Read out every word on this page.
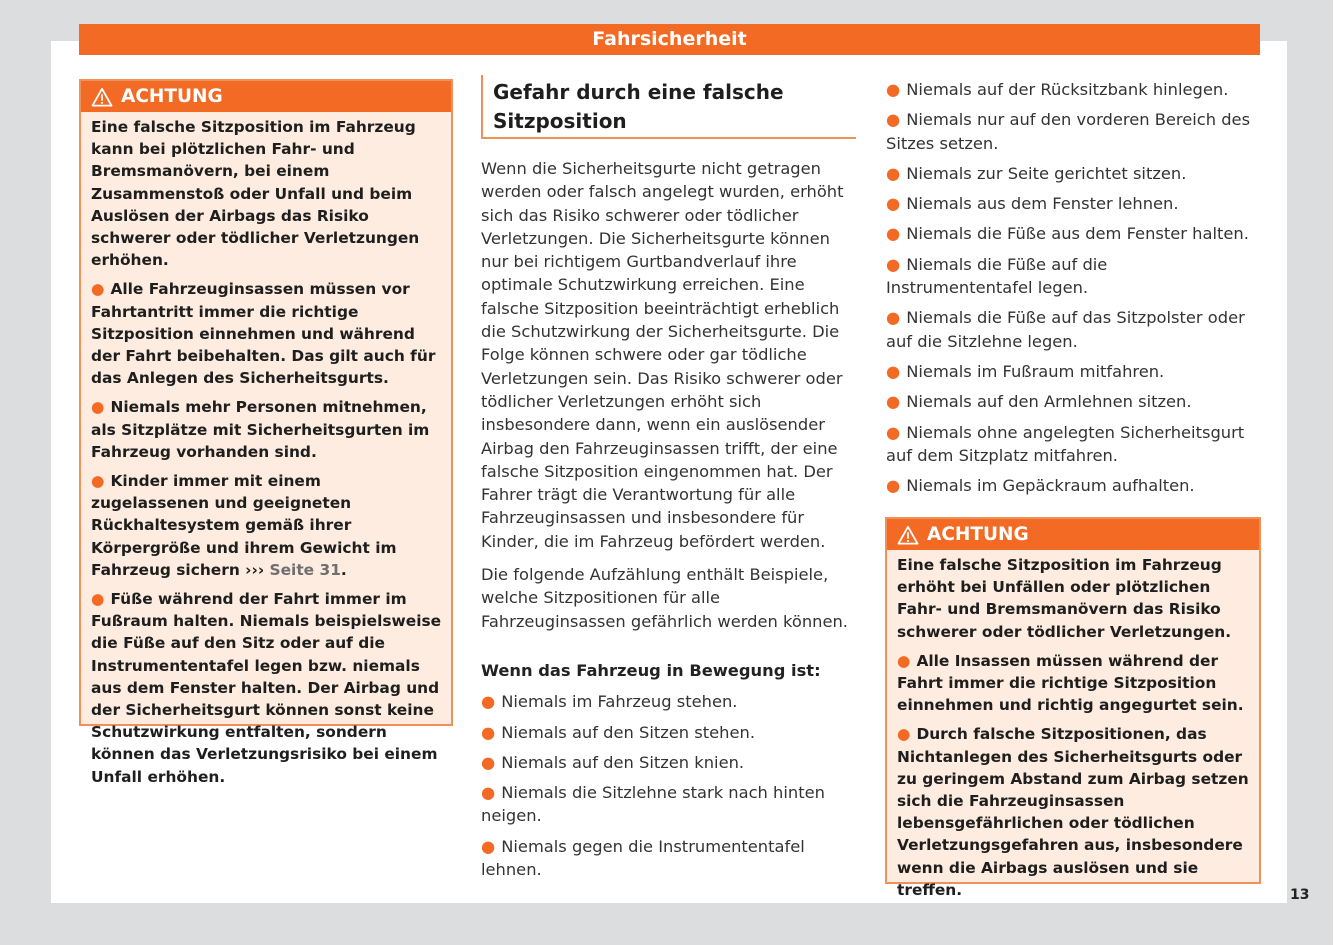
Fahrsicherheit
ACHTUNG

Eine falsche Sitzposition im Fahrzeug kann bei plötzlichen Fahr- und Bremsmanövern, bei einem Zusammenstoß oder Unfall und beim Auslösen der Airbags das Risiko schwerer oder tödlicher Verletzungen erhöhen.

● Alle Fahrzeuginsassen müssen vor Fahrtantritt immer die richtige Sitzposition einnehmen und während der Fahrt beibehalten. Das gilt auch für das Anlegen des Sicherheitsgurts.

● Niemals mehr Personen mitnehmen, als Sitzplätze mit Sicherheitsgurten im Fahrzeug vorhanden sind.

● Kinder immer mit einem zugelassenen und geeigneten Rückhaltesystem gemäß ihrer Körpergröße und ihrem Gewicht im Fahrzeug sichern ››› Seite 31.

● Füße während der Fahrt immer im Fußraum halten. Niemals beispielsweise die Füße auf den Sitz oder auf die Instrumententafel legen bzw. niemals aus dem Fenster halten. Der Airbag und der Sicherheitsgurt können sonst keine Schutzwirkung entfalten, sondern können das Verletzungsrisiko bei einem Unfall erhöhen.

Gefahr durch eine falsche Sitzposition

Wenn die Sicherheitsgurte nicht getragen werden oder falsch angelegt wurden, erhöht sich das Risiko schwerer oder tödlicher Verletzungen. Die Sicherheitsgurte können nur bei richtigem Gurtbandverlauf ihre optimale Schutzwirkung erreichen. Eine falsche Sitzposition beeinträchtigt erheblich die Schutzwirkung der Sicherheitsgurte. Die Folge können schwere oder gar tödliche Verletzungen sein. Das Risiko schwerer oder tödlicher Verletzungen erhöht sich insbesondere dann, wenn ein auslösender Airbag den Fahrzeuginsassen trifft, der eine falsche Sitzposition eingenommen hat. Der Fahrer trägt die Verantwortung für alle Fahrzeuginsassen und insbesondere für Kinder, die im Fahrzeug befördert werden.

Die folgende Aufzählung enthält Beispiele, welche Sitzpositionen für alle Fahrzeuginsassen gefährlich werden können.

Wenn das Fahrzeug in Bewegung ist:

● Niemals im Fahrzeug stehen.
● Niemals auf den Sitzen stehen.
● Niemals auf den Sitzen knien.
● Niemals die Sitzlehne stark nach hinten neigen.
● Niemals gegen die Instrumententafel lehnen.
● Niemals auf der Rücksitzbank hinlegen.
● Niemals nur auf den vorderen Bereich des Sitzes setzen.
● Niemals zur Seite gerichtet sitzen.
● Niemals aus dem Fenster lehnen.
● Niemals die Füße aus dem Fenster halten.
● Niemals die Füße auf die Instrumententafel legen.
● Niemals die Füße auf das Sitzpolster oder auf die Sitzlehne legen.
● Niemals im Fußraum mitfahren.
● Niemals auf den Armlehnen sitzen.
● Niemals ohne angelegten Sicherheitsgurt auf dem Sitzplatz mitfahren.
● Niemals im Gepäckraum aufhalten.
ACHTUNG

Eine falsche Sitzposition im Fahrzeug erhöht bei Unfällen oder plötzlichen Fahr- und Bremsmanövern das Risiko schwerer oder tödlicher Verletzungen.

● Alle Insassen müssen während der Fahrt immer die richtige Sitzposition einnehmen und richtig angegurtet sein.

● Durch falsche Sitzpositionen, das Nichtanlegen des Sicherheitsgurts oder zu geringem Abstand zum Airbag setzen sich die Fahrzeuginsassen lebensgefährlichen oder tödlichen Verletzungsgefahren aus, insbesondere wenn die Airbags auslösen und sie treffen.	13
